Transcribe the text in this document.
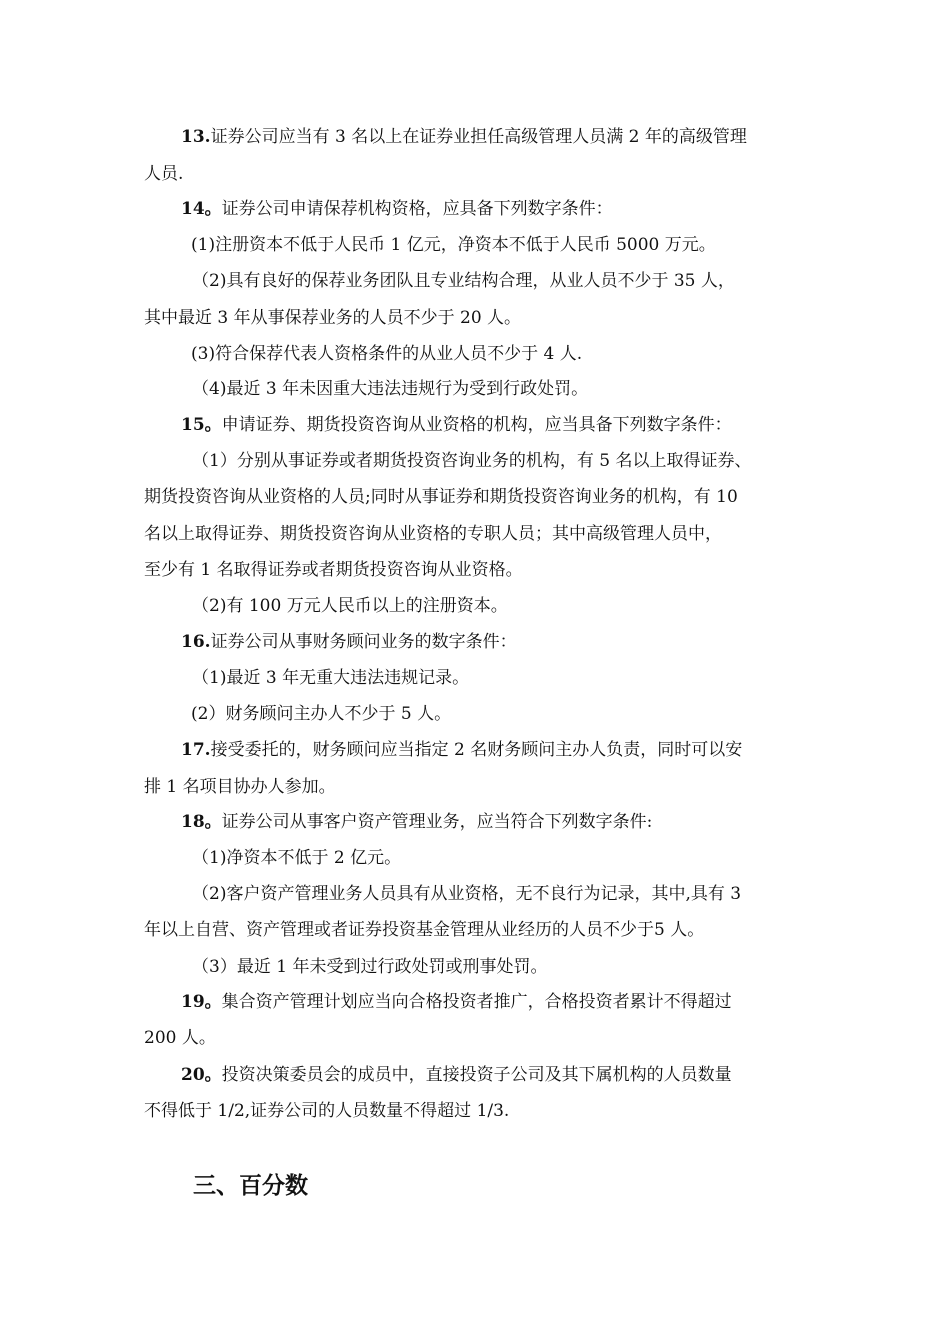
13.证券公司应当有 3 名以上在证券业担任高级管理人员满 2 年的高级管理
人员.
14。证券公司申请保荐机构资格，应具备下列数字条件：
(1)注册资本不低于人民币 1 亿元，净资本不低于人民币 5000 万元。
（2)具有良好的保荐业务团队且专业结构合理，从业人员不少于 35 人，
其中最近 3 年从事保荐业务的人员不少于 20 人。
(3)符合保荐代表人资格条件的从业人员不少于 4 人.
（4)最近 3 年未因重大违法违规行为受到行政处罚。
15。申请证券、期货投资咨询从业资格的机构，应当具备下列数字条件：
（1）分别从事证券或者期货投资咨询业务的机构，有 5 名以上取得证券、
期货投资咨询从业资格的人员;同时从事证券和期货投资咨询业务的机构，有 10
名以上取得证券、期货投资咨询从业资格的专职人员；其中高级管理人员中，
至少有 1 名取得证券或者期货投资咨询从业资格。
（2)有 100 万元人民币以上的注册资本。
16.证券公司从事财务顾问业务的数字条件：
（1)最近 3 年无重大违法违规记录。
(2）财务顾问主办人不少于 5 人。
17.接受委托的，财务顾问应当指定 2 名财务顾问主办人负责，同时可以安
排 1 名项目协办人参加。
18。证券公司从事客户资产管理业务，应当符合下列数字条件:
（1)净资本不低于 2 亿元。
（2)客户资产管理业务人员具有从业资格，无不良行为记录，其中,具有 3
年以上自营、资产管理或者证券投资基金管理从业经历的人员不少于5 人。
（3）最近 1 年未受到过行政处罚或刑事处罚。
19。集合资产管理计划应当向合格投资者推广，合格投资者累计不得超过
200 人。
20。投资决策委员会的成员中，直接投资子公司及其下属机构的人员数量
不得低于 1/2,证券公司的人员数量不得超过 1/3.
三、百分数
